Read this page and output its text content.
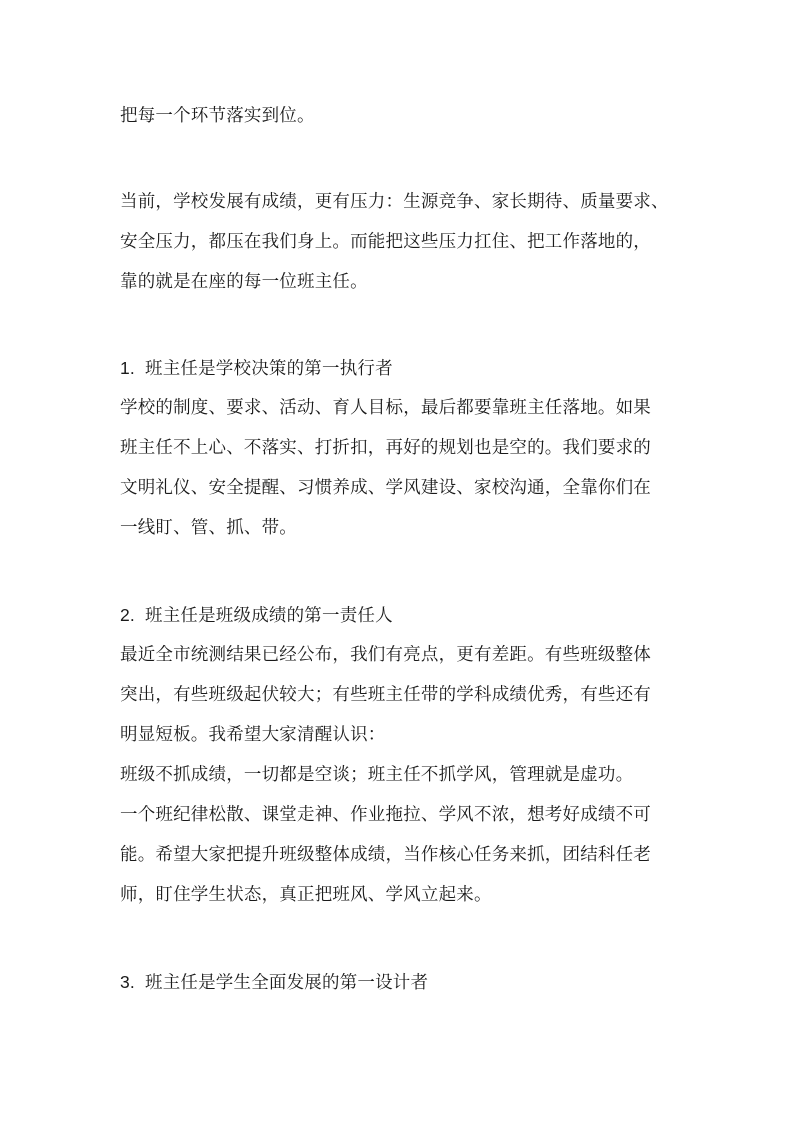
把每一个环节落实到位。
当前，学校发展有成绩，更有压力：生源竞争、家长期待、质量要求、
安全压力，都压在我们身上。而能把这些压力扛住、把工作落地的，
靠的就是在座的每一位班主任。
1. 班主任是学校决策的第一执行者
学校的制度、要求、活动、育人目标，最后都要靠班主任落地。如果
班主任不上心、不落实、打折扣，再好的规划也是空的。我们要求的
文明礼仪、安全提醒、习惯养成、学风建设、家校沟通，全靠你们在
一线盯、管、抓、带。
2. 班主任是班级成绩的第一责任人
最近全市统测结果已经公布，我们有亮点，更有差距。有些班级整体
突出，有些班级起伏较大；有些班主任带的学科成绩优秀，有些还有
明显短板。我希望大家清醒认识：
班级不抓成绩，一切都是空谈；班主任不抓学风，管理就是虚功。
一个班纪律松散、课堂走神、作业拖拉、学风不浓，想考好成绩不可
能。希望大家把提升班级整体成绩，当作核心任务来抓，团结科任老
师，盯住学生状态，真正把班风、学风立起来。
3. 班主任是学生全面发展的第一设计者
